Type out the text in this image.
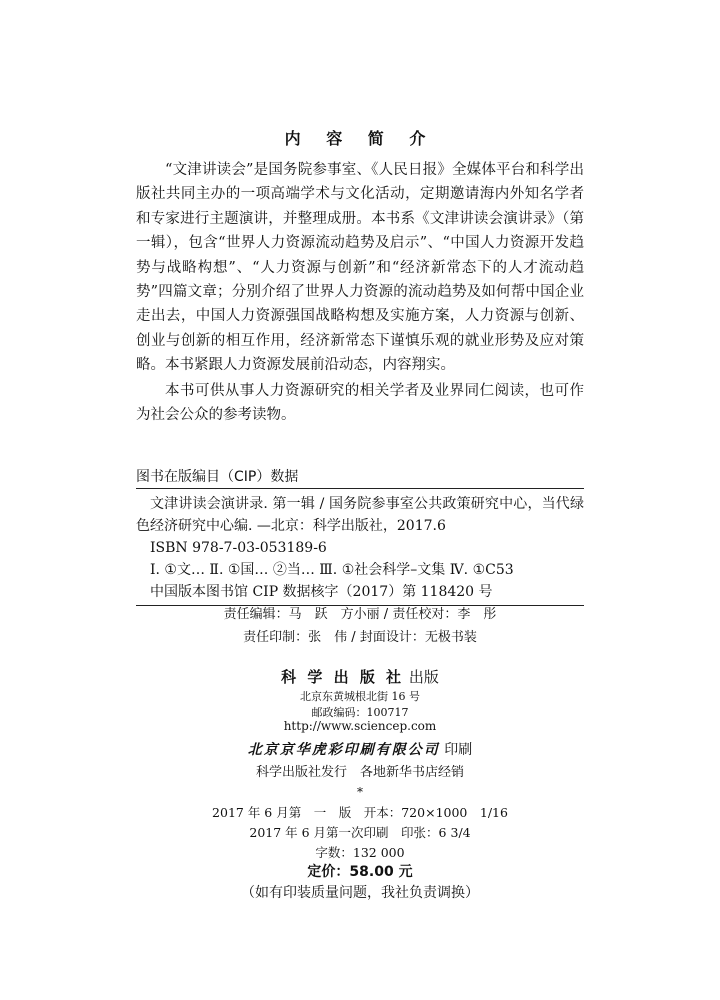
内 容 简 介
“文津讲读会”是国务院参事室、《人民日报》全媒体平台和科学出版社共同主办的一项高端学术与文化活动，定期邀请海内外知名学者和专家进行主题演讲，并整理成册。本书系《文津讲读会演讲录》（第一辑），包含“世界人力资源流动趋势及启示”、“中国人力资源开发趋势与战略构想”、“人力资源与创新”和“经济新常态下的人才流动趋势”四篇文章；分别介绍了世界人力资源的流动趋势及如何帮中国企业走出去，中国人力资源强国战略构想及实施方案，人力资源与创新、创业与创新的相互作用，经济新常态下谨慎乐观的就业形势及应对策略。本书紧跟人力资源发展前沿动态，内容翔实。
本书可供从事人力资源研究的相关学者及业界同仁阅读，也可作为社会公众的参考读物。
图书在版编目（CIP）数据
文津讲读会演讲录. 第一辑 / 国务院参事室公共政策研究中心，当代绿色经济研究中心编. —北京：科学出版社，2017.6
ISBN 978-7-03-053189-6
Ⅰ. ①文… Ⅱ. ①国… ②当… Ⅲ. ①社会科学–文集 Ⅳ. ①C53
中国版本图书馆 CIP 数据核字（2017）第 118420 号
责任编辑：马　跃　方小丽 / 责任校对：李　彤
责任印制：张　伟 / 封面设计：无极书装
科 学 出 版 社 出版
北京东黄城根北街 16 号
邮政编码：100717
http://www.sciencep.com
北京京华虎彩印刷有限公司 印刷
科学出版社发行　各地新华书店经销
*
2017 年 6 月第　一　版　开本：720×1000　1/16
2017 年 6 月第一次印刷　印张：6 3/4
字数：132 000
定价：58.00 元
（如有印装质量问题，我社负责调换）
